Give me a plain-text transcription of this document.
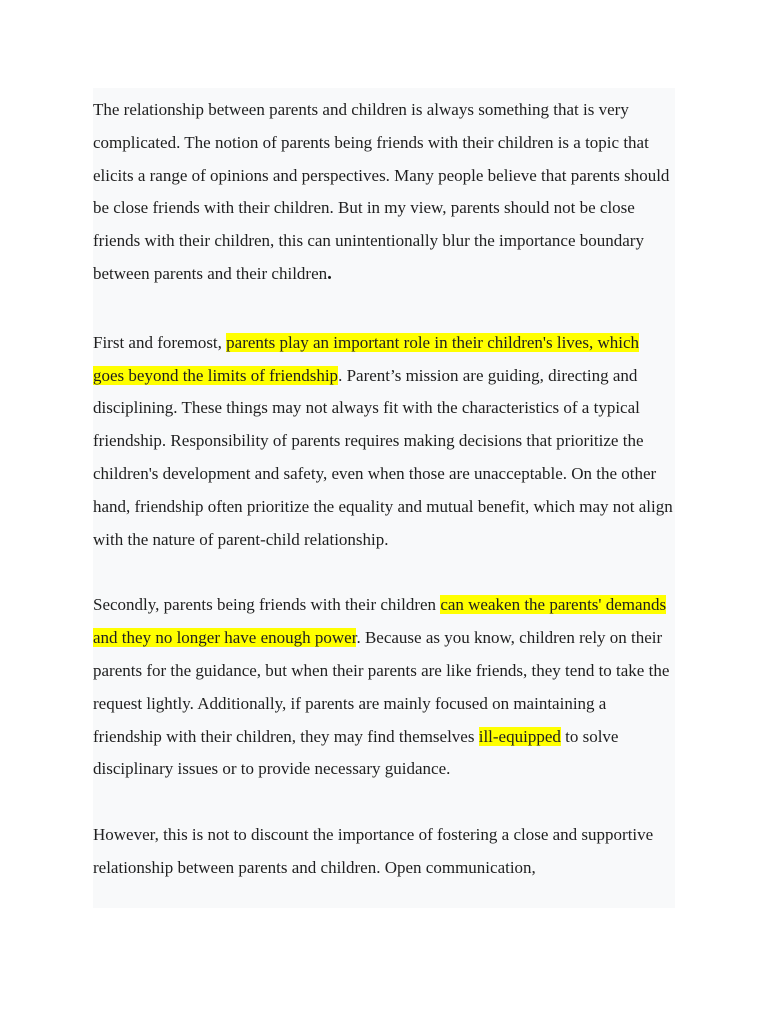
The relationship between parents and children is always something that is very complicated. The notion of parents being friends with their children is a topic that elicits a range of opinions and perspectives. Many people believe that parents should be close friends with their children. But in my view, parents should not be close friends with their children, this can unintentionally blur the importance boundary between parents and their children.

First and foremost, parents play an important role in their children's lives, which goes beyond the limits of friendship. Parent’s mission are guiding, directing and disciplining. These things may not always fit with the characteristics of a typical friendship. Responsibility of parents requires making decisions that prioritize the children's development and safety, even when those are unacceptable. On the other hand, friendship often prioritize the equality and mutual benefit, which may not align with the nature of parent-child relationship.

Secondly, parents being friends with their children can weaken the parents' demands and they no longer have enough power. Because as you know, children rely on their parents for the guidance, but when their parents are like friends, they tend to take the request lightly. Additionally, if parents are mainly focused on maintaining a friendship with their children, they may find themselves ill-equipped to solve disciplinary issues or to provide necessary guidance.

However, this is not to discount the importance of fostering a close and supportive relationship between parents and children. Open communication,
